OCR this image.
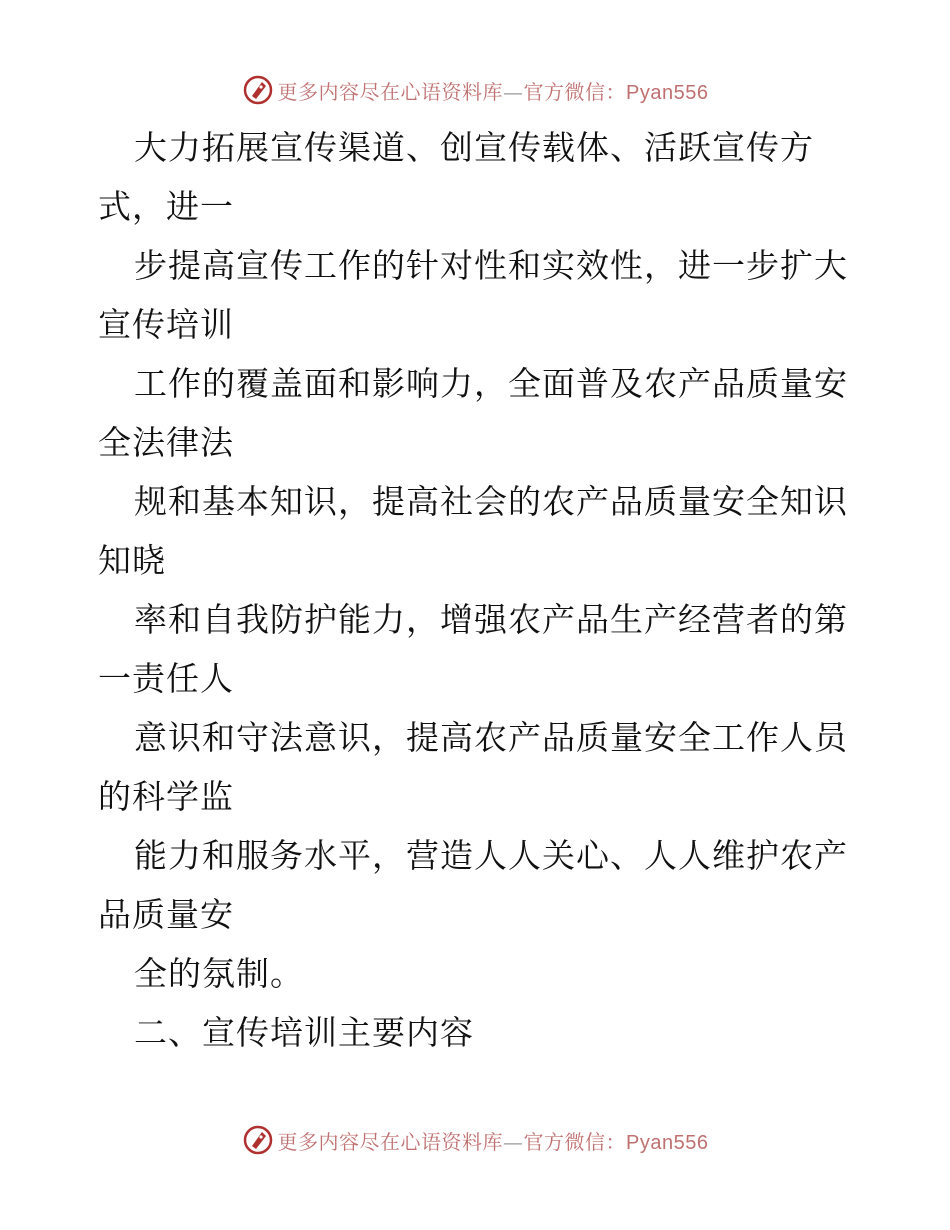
更多内容尽在心语资料库—官方微信：Pyan556
大力拓展宣传渠道、创宣传载体、活跃宣传方
式，进一
步提高宣传工作的针对性和实效性，进一步扩大
宣传培训
工作的覆盖面和影响力，全面普及农产品质量安
全法律法
规和基本知识，提高社会的农产品质量安全知识
知晓
率和自我防护能力，增强农产品生产经营者的第
一责任人
意识和守法意识，提高农产品质量安全工作人员
的科学监
能力和服务水平，营造人人关心、人人维护农产
品质量安
全的氛制。
二、宣传培训主要内容
更多内容尽在心语资料库—官方微信：Pyan556
